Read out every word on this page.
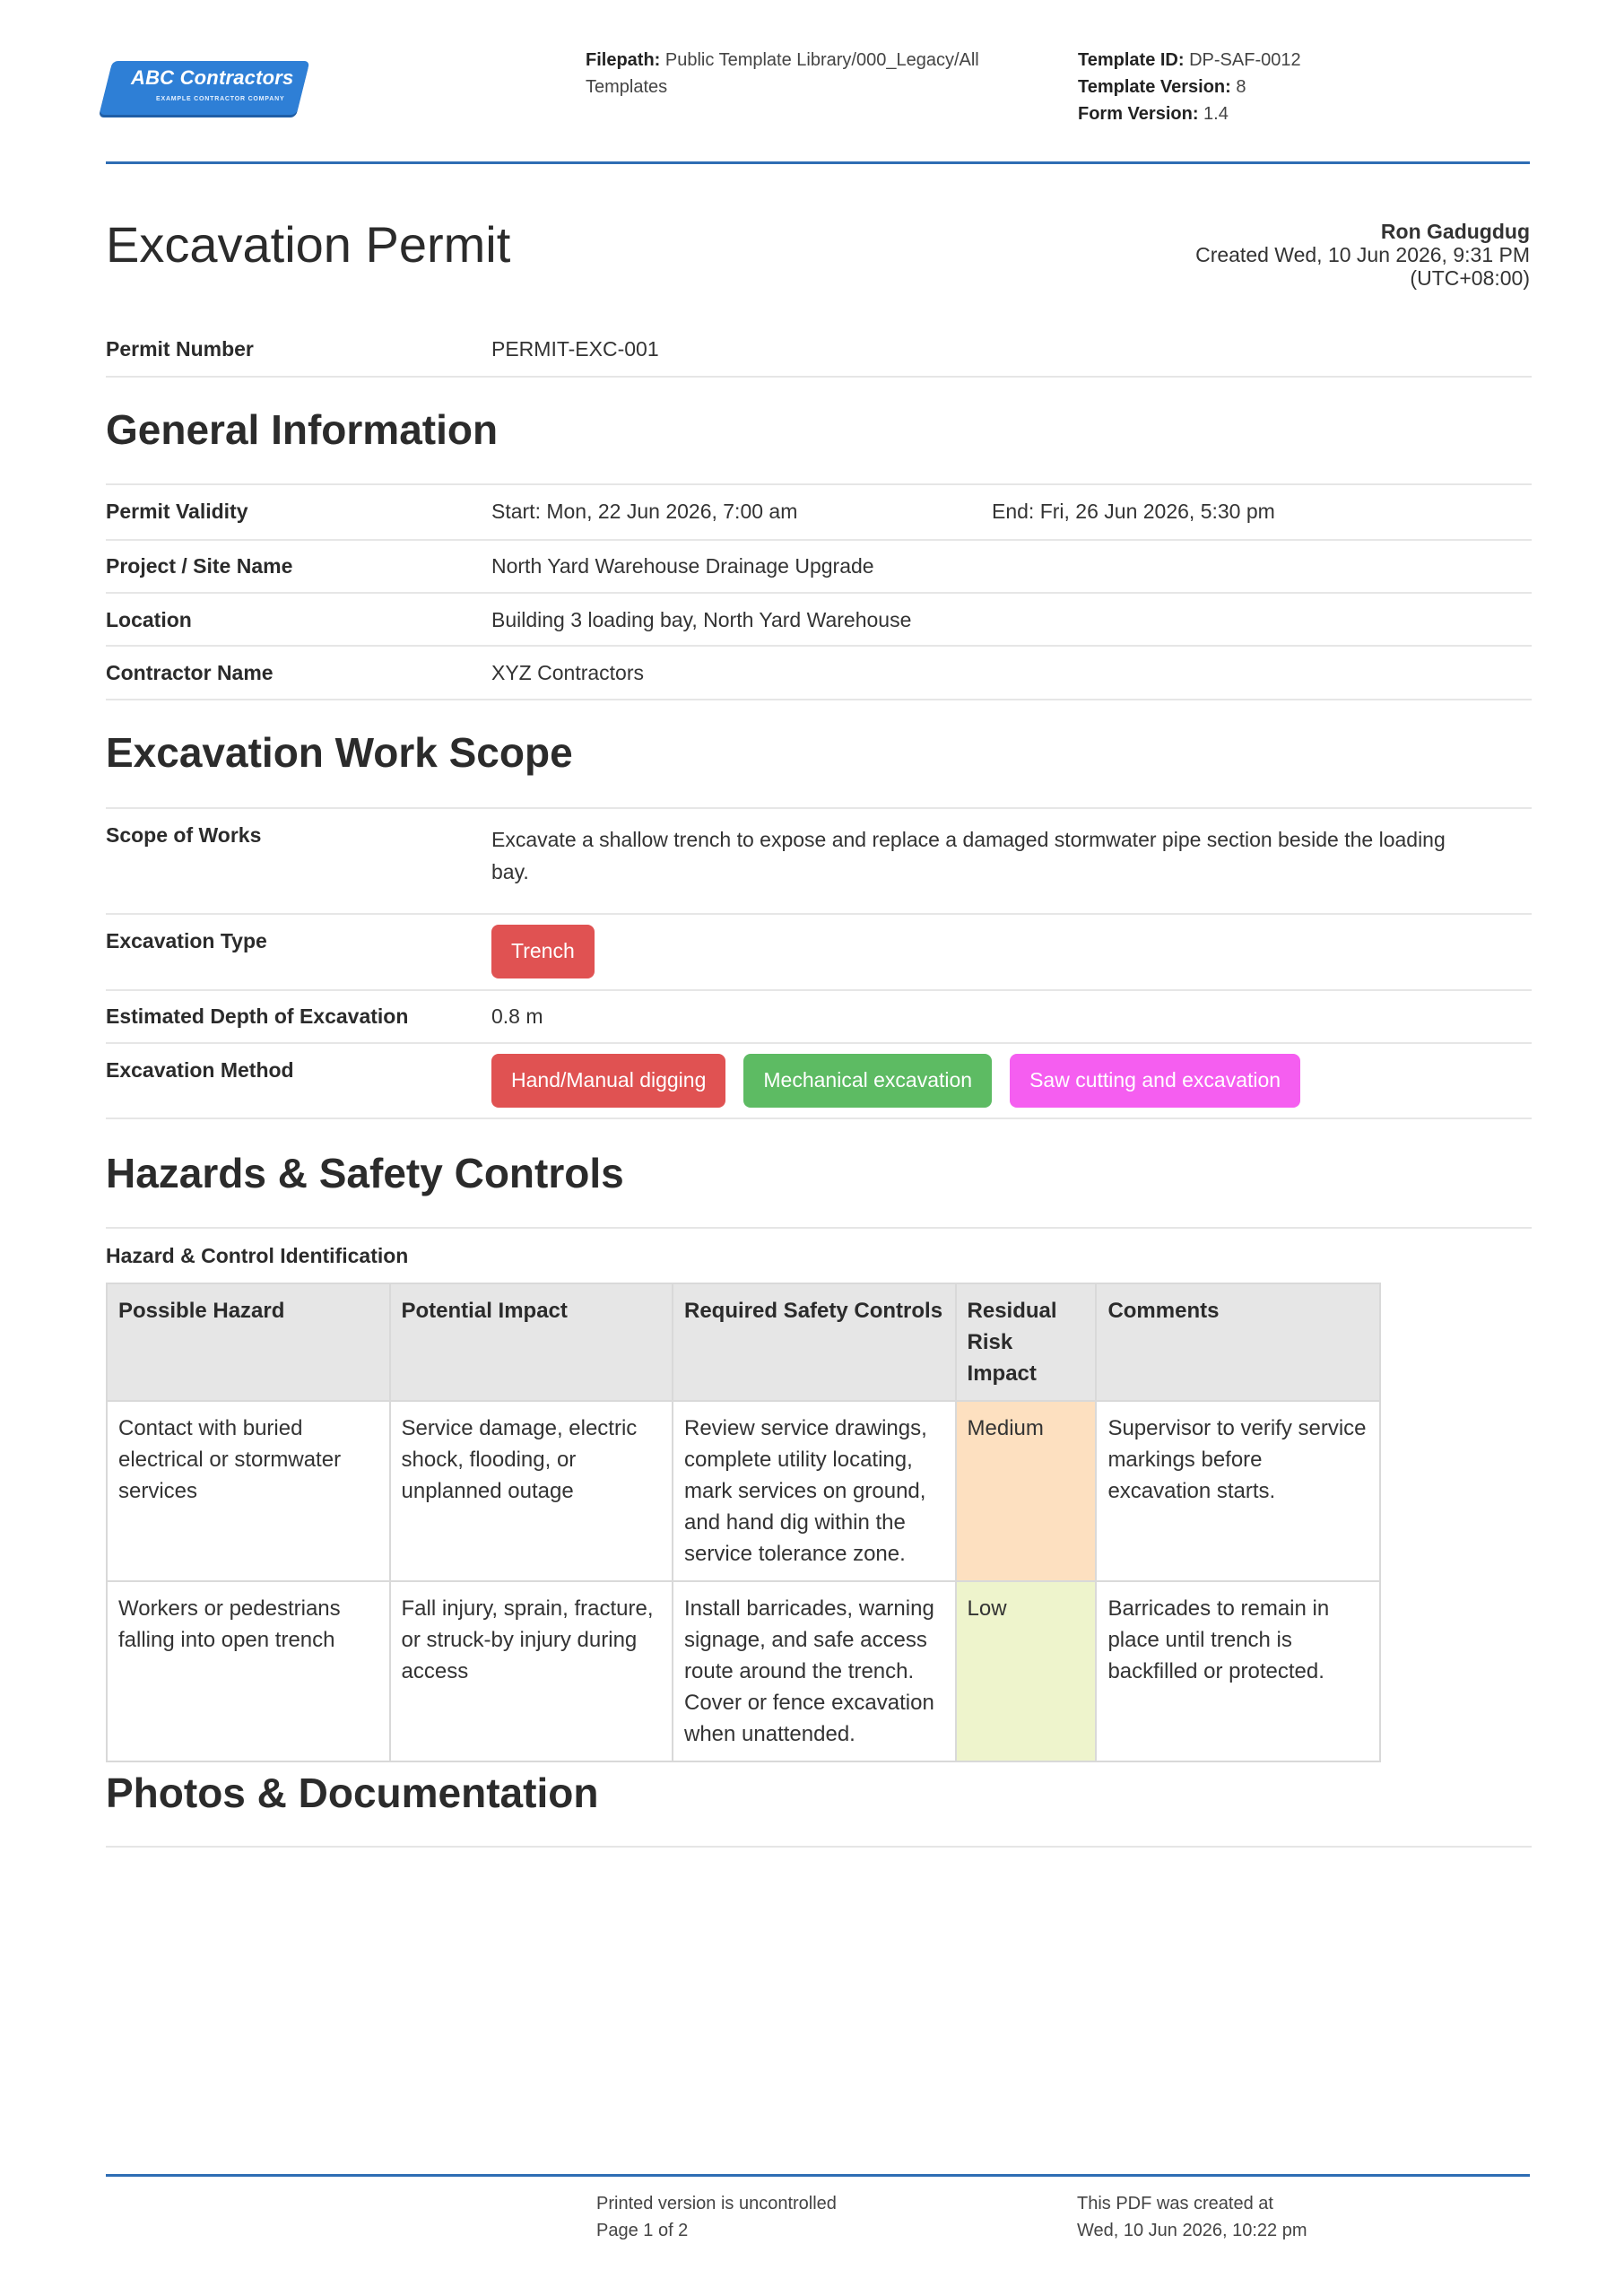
ABC Contractors
EXAMPLE CONTRACTOR COMPANY
Filepath: Public Template Library/000_Legacy/All
Templates
Template ID: DP-SAF-0012
Template Version: 8
Form Version: 1.4
Excavation Permit	Ron Gadugdug
Created Wed, 10 Jun 2026, 9:31 PM
(UTC+08:00)
Permit Number	PERMIT-EXC-001
General Information
Permit Validity	Start: Mon, 22 Jun 2026, 7:00 am	End: Fri, 26 Jun 2026, 5:30 pm
Project / Site Name	North Yard Warehouse Drainage Upgrade
Location	Building 3 loading bay, North Yard Warehouse
Contractor Name	XYZ Contractors
Excavation Work Scope
Scope of Works	Excavate a shallow trench to expose and replace a damaged stormwater pipe section beside the loading
bay.
Excavation Type	Trench
Estimated Depth of Excavation	0.8 m
Excavation Method	Hand/Manual digging	Mechanical excavation	Saw cutting and excavation
Hazards & Safety Controls
Hazard & Control Identification
Possible Hazard	Potential Impact	Required Safety Controls	Residual Risk Impact	Comments
Contact with buried electrical or stormwater services	Service damage, electric shock, flooding, or unplanned outage	Review service drawings, complete utility locating, mark services on ground, and hand dig within the service tolerance zone.	Medium	Supervisor to verify service markings before excavation starts.
Workers or pedestrians falling into open trench	Fall injury, sprain, fracture, or struck-by injury during access	Install barricades, warning signage, and safe access route around the trench. Cover or fence excavation when unattended.	Low	Barricades to remain in place until trench is backfilled or protected.
Photos & Documentation
Printed version is uncontrolled
Page 1 of 2
This PDF was created at
Wed, 10 Jun 2026, 10:22 pm
